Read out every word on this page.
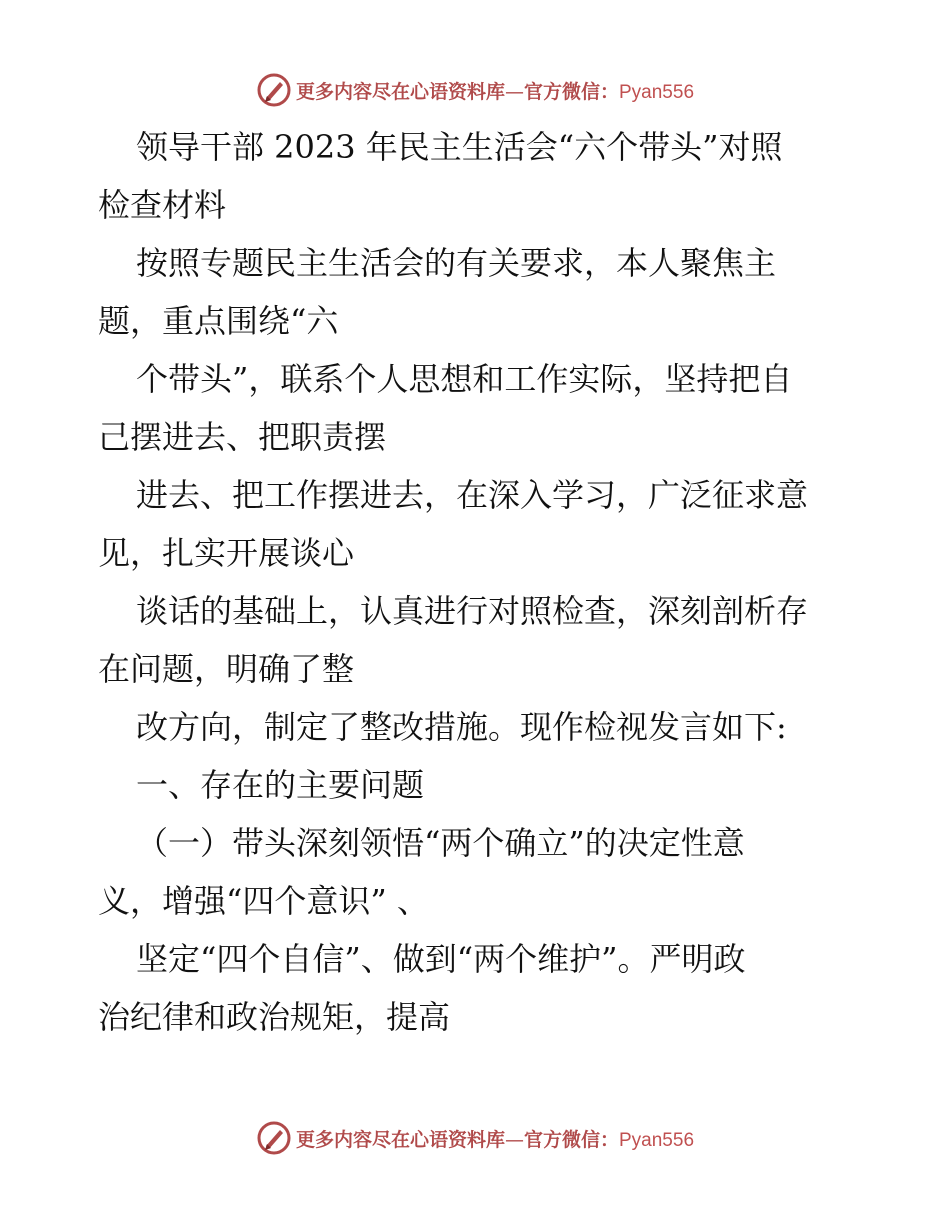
更多内容尽在心语资料库—官方微信：Pyan556
领导干部 2023 年民主生活会“六个带头”对照
检查材料
按照专题民主生活会的有关要求，本人聚焦主
题，重点围绕“六
个带头”，联系个人思想和工作实际，坚持把自
己摆进去、把职责摆
进去、把工作摆进去，在深入学习，广泛征求意
见，扎实开展谈心
谈话的基础上，认真进行对照检查，深刻剖析存
在问题，明确了整
改方向，制定了整改措施。现作检视发言如下:
一、存在的主要问题
（一）带头深刻领悟“两个确立”的决定性意
义，增强“四个意识” 、
坚定“四个自信”、做到“两个维护”。严明政
治纪律和政治规矩，提高
更多内容尽在心语资料库—官方微信：Pyan556
